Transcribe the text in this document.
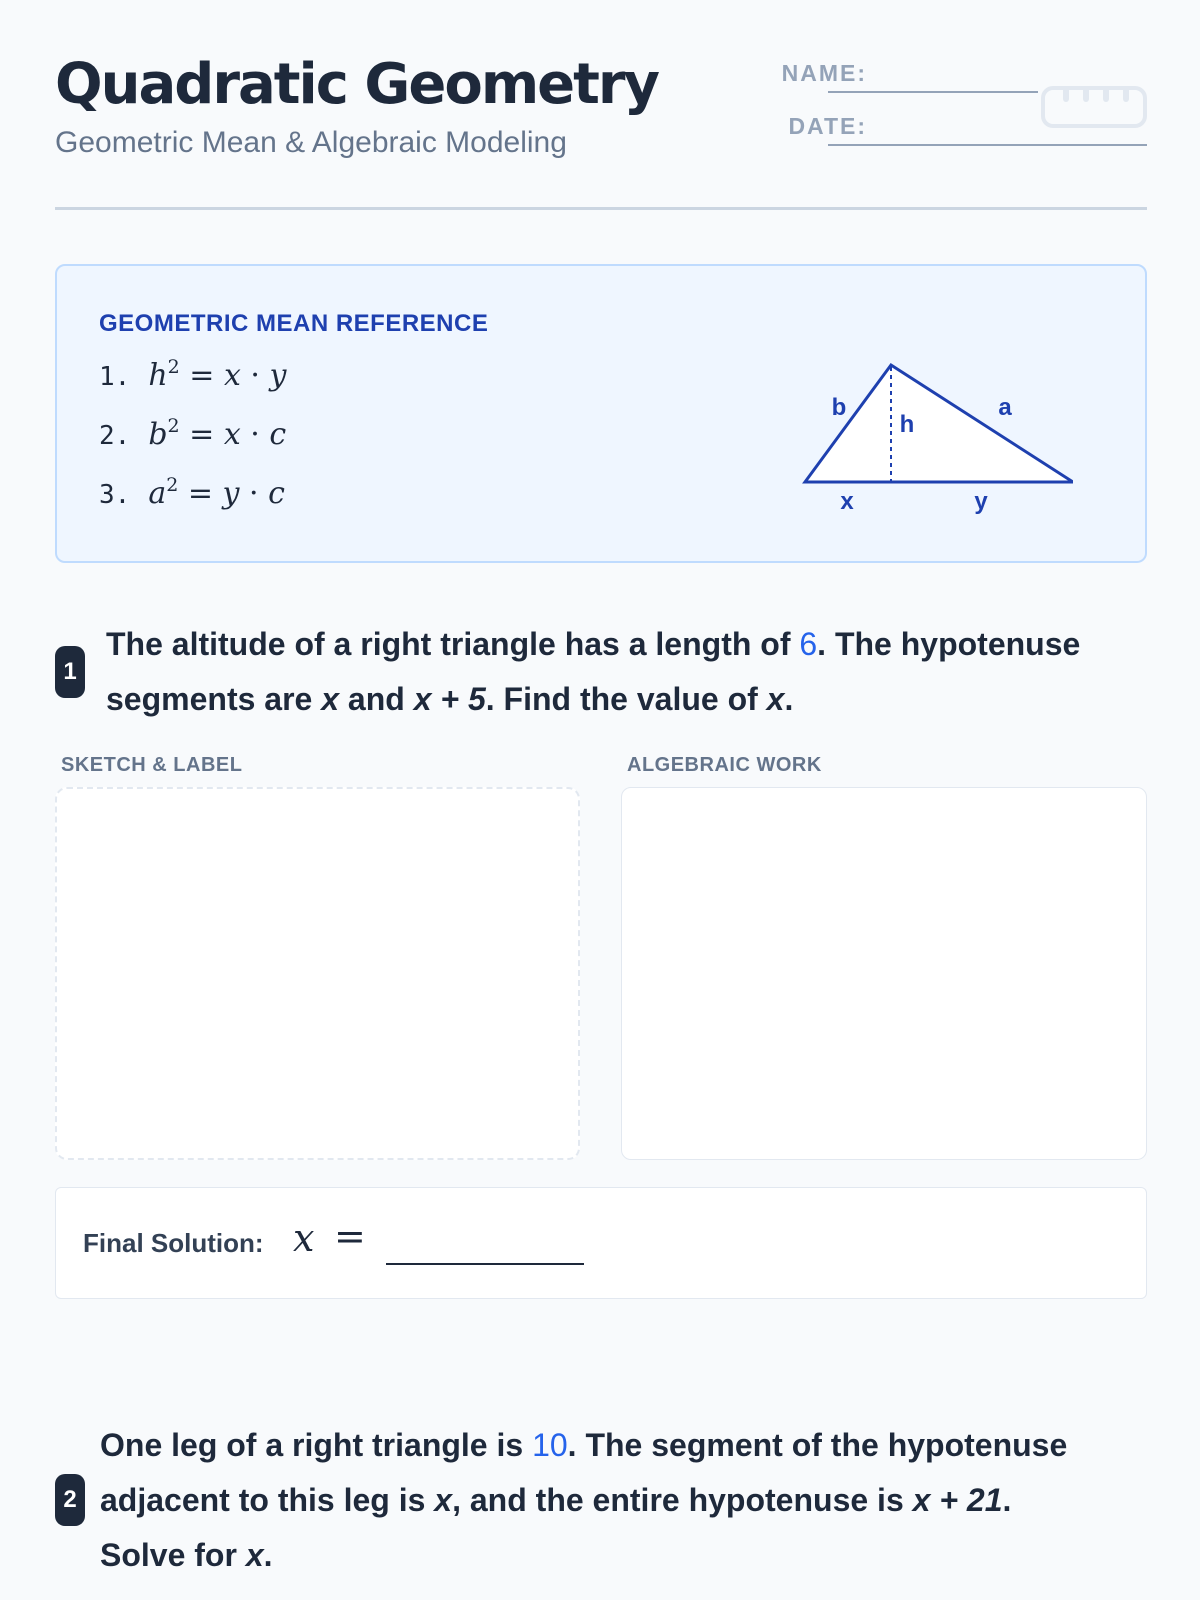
Quadratic Geometry
Geometric Mean & Algebraic Modeling
NAME:
DATE:
GEOMETRIC MEAN REFERENCE
1. $h^2 = x \cdot y$
2. $b^2 = x \cdot c$
3. $a^2 = y \cdot c$
b
h
a
x	y
1
The altitude of a right triangle has a length of 6. The hypotenuse
segments are x and x + 5. Find the value of x.
SKETCH & LABEL	ALGEBRAIC WORK
Final Solution: x =
2
One leg of a right triangle is 10. The segment of the hypotenuse
adjacent to this leg is x, and the entire hypotenuse is x + 21.
Solve for x.
